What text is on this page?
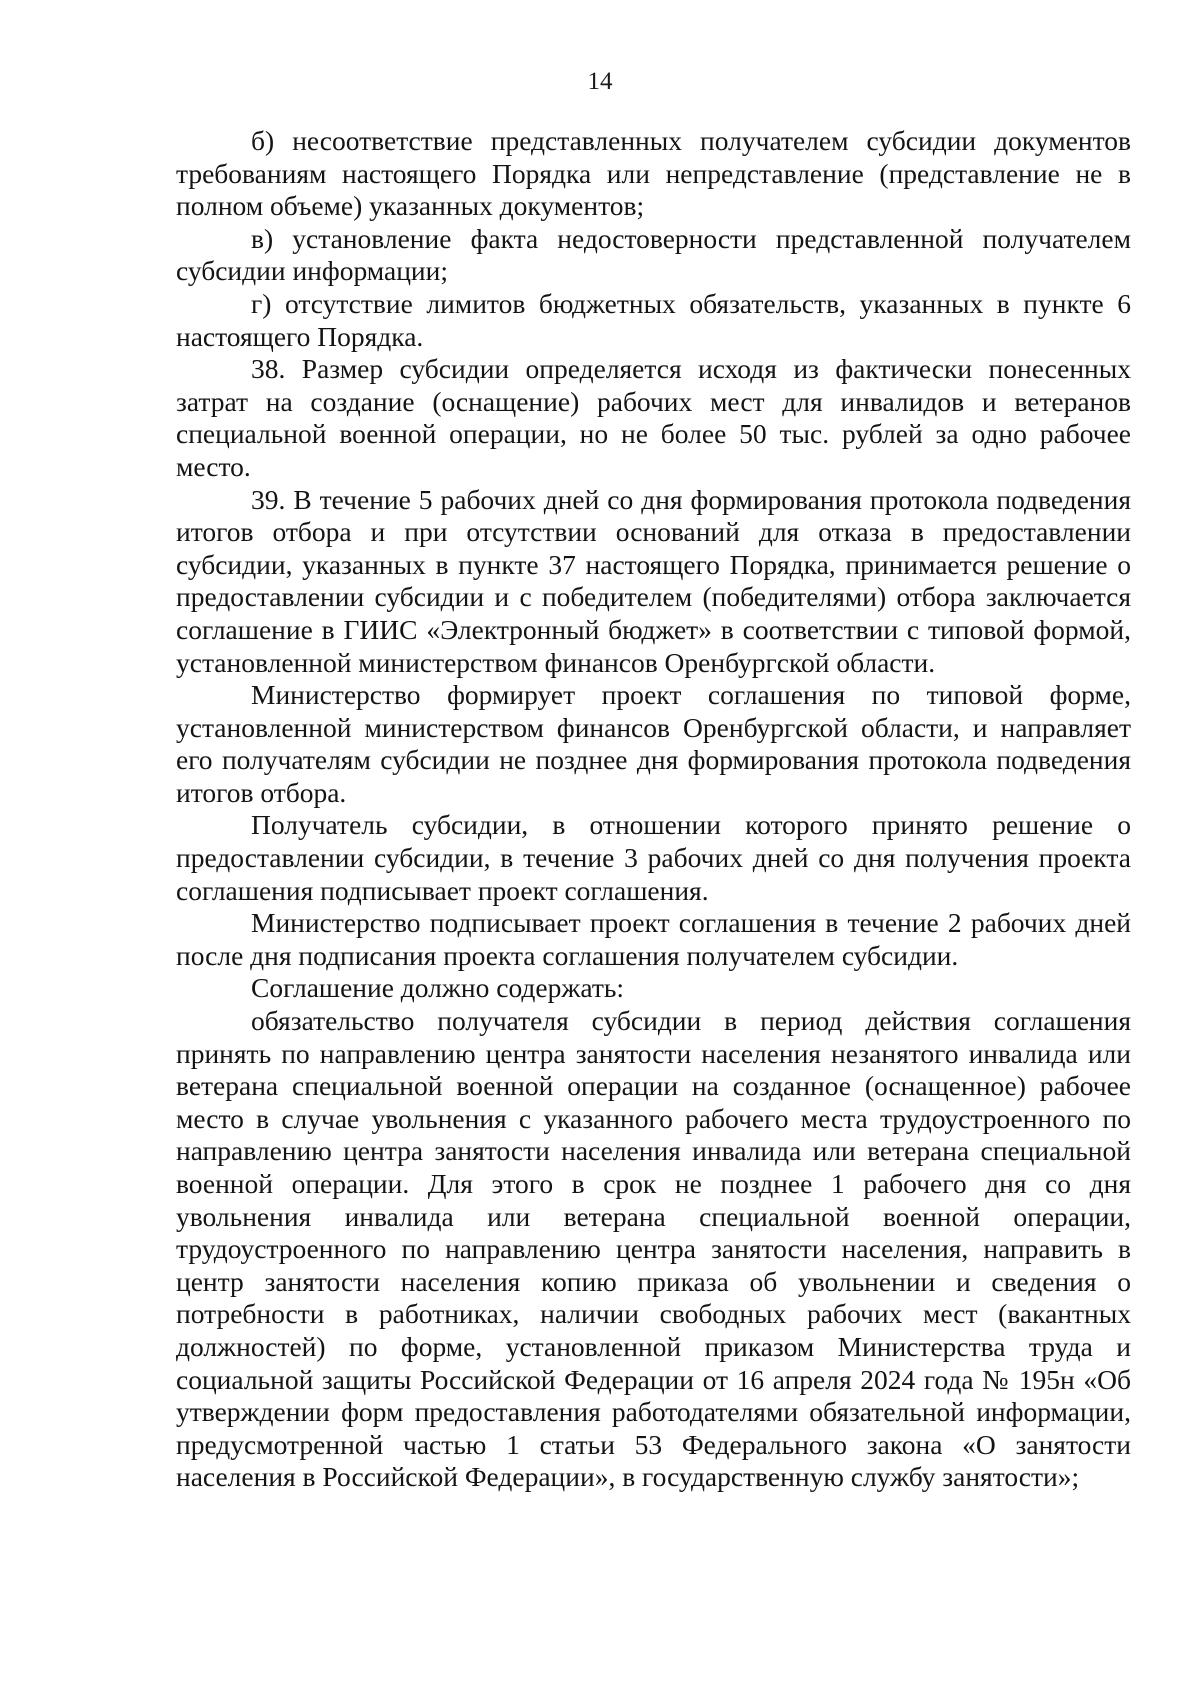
14

б) несоответствие представленных получателем субсидии документов требованиям настоящего Порядка или непредставление (представление не в полном объеме) указанных документов;

в) установление факта недостоверности представленной получателем субсидии информации;

г) отсутствие лимитов бюджетных обязательств, указанных в пункте 6 настоящего Порядка.

38. Размер субсидии определяется исходя из фактически понесенных затрат на создание (оснащение) рабочих мест для инвалидов и ветеранов специальной военной операции, но не более 50 тыс. рублей за одно рабочее место.

39. В течение 5 рабочих дней со дня формирования протокола подведения итогов отбора и при отсутствии оснований для отказа в предоставлении субсидии, указанных в пункте 37 настоящего Порядка, принимается решение о предоставлении субсидии и с победителем (победителями) отбора заключается соглашение в ГИИС «Электронный бюджет» в соответствии с типовой формой, установленной министерством финансов Оренбургской области.

Министерство формирует проект соглашения по типовой форме, установленной министерством финансов Оренбургской области, и направляет его получателям субсидии не позднее дня формирования протокола подведения итогов отбора.

Получатель субсидии, в отношении которого принято решение о предоставлении субсидии, в течение 3 рабочих дней со дня получения проекта соглашения подписывает проект соглашения.

Министерство подписывает проект соглашения в течение 2 рабочих дней после дня подписания проекта соглашения получателем субсидии.

Соглашение должно содержать:

обязательство получателя субсидии в период действия соглашения принять по направлению центра занятости населения незанятого инвалида или ветерана специальной военной операции на созданное (оснащенное) рабочее место в случае увольнения с указанного рабочего места трудоустроенного по направлению центра занятости населения инвалида или ветерана специальной военной операции. Для этого в срок не позднее 1 рабочего дня со дня увольнения инвалида или ветерана специальной военной операции, трудоустроенного по направлению центра занятости населения, направить в центр занятости населения копию приказа об увольнении и сведения о потребности в работниках, наличии свободных рабочих мест (вакантных должностей) по форме, установленной приказом Министерства труда и социальной защиты Российской Федерации от 16 апреля 2024 года № 195н «Об утверждении форм предоставления работодателями обязательной информации, предусмотренной частью 1 статьи 53 Федерального закона «О занятости населения в Российской Федерации», в государственную службу занятости»;
